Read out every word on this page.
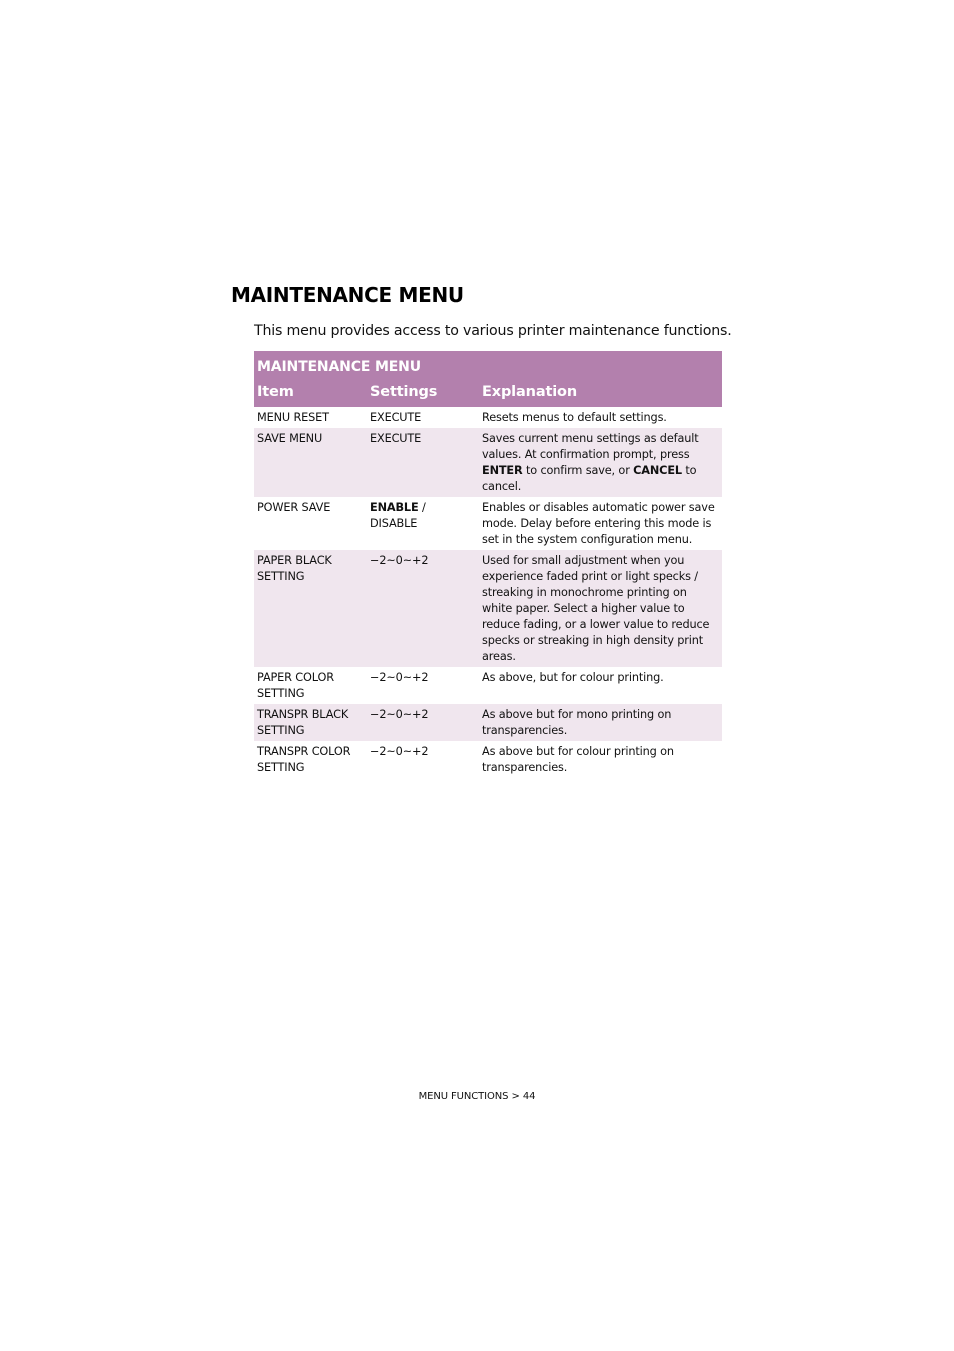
MAINTENANCE MENU

This menu provides access to various printer maintenance functions.

MAINTENANCE MENU		
Item	Settings	Explanation
MENU RESET	EXECUTE	Resets menus to default settings.
SAVE MENU	EXECUTE	Saves current menu settings as default values. At confirmation prompt, press ENTER to confirm save, or CANCEL to cancel.
POWER SAVE	ENABLE / DISABLE	Enables or disables automatic power save mode. Delay before entering this mode is set in the system configuration menu.
PAPER BLACK SETTING	−2~0~+2	Used for small adjustment when you experience faded print or light specks / streaking in monochrome printing on white paper. Select a higher value to reduce fading, or a lower value to reduce specks or streaking in high density print areas.
PAPER COLOR SETTING	−2~0~+2	As above, but for colour printing.
TRANSPR BLACK SETTING	−2~0~+2	As above but for mono printing on transparencies.
TRANSPR COLOR SETTING	−2~0~+2	As above but for colour printing on transparencies.
MENU FUNCTIONS > 44
